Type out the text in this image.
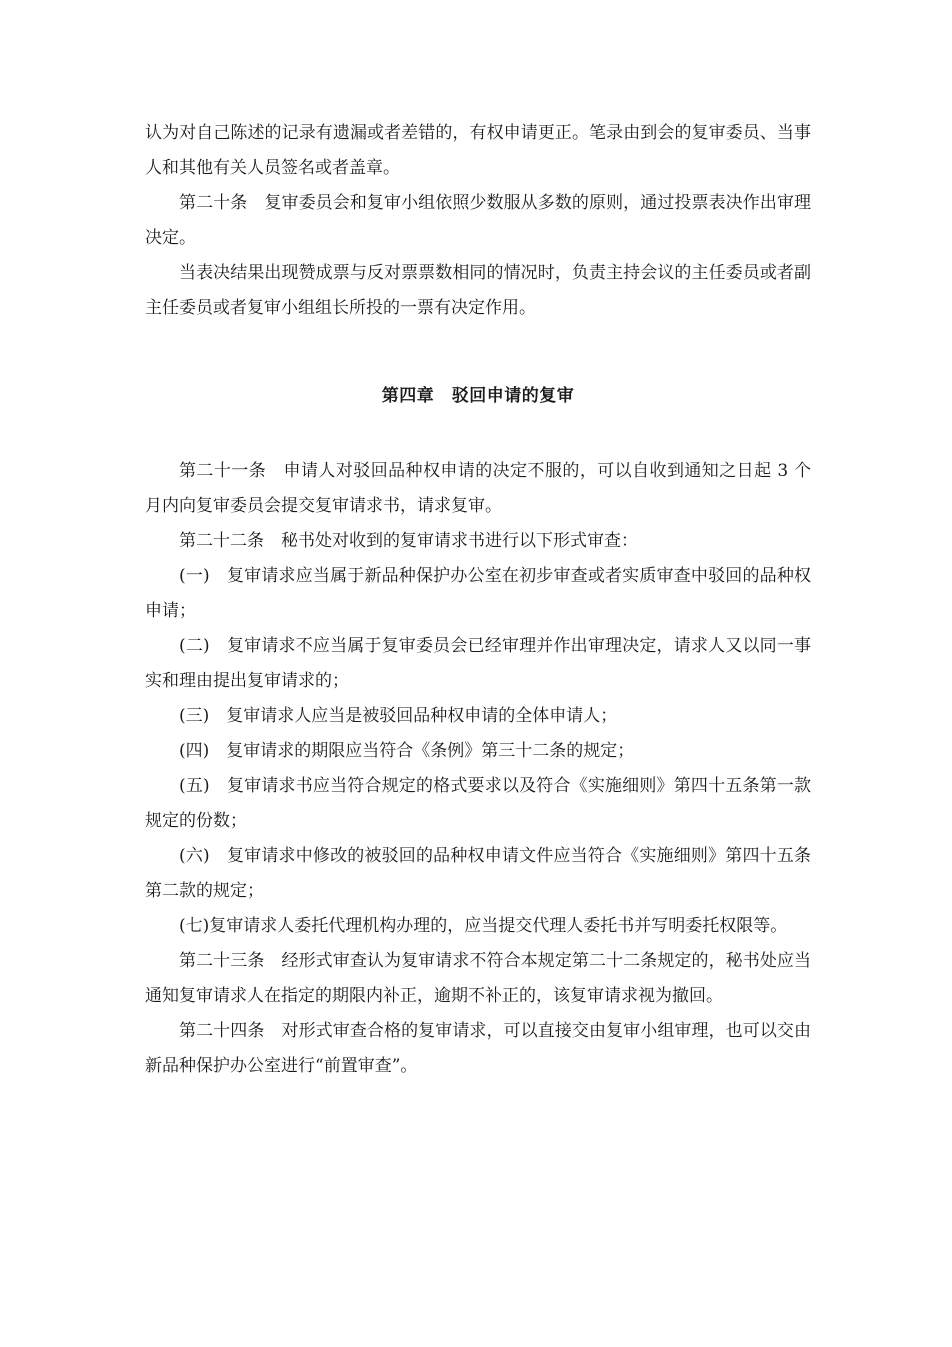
认为对自己陈述的记录有遗漏或者差错的，有权申请更正。笔录由到会的复审委员、当事人和其他有关人员签名或者盖章。

第二十条　复审委员会和复审小组依照少数服从多数的原则，通过投票表决作出审理决定。

当表决结果出现赞成票与反对票票数相同的情况时，负责主持会议的主任委员或者副主任委员或者复审小组组长所投的一票有决定作用。

第四章　驳回申请的复审

第二十一条　申请人对驳回品种权申请的决定不服的，可以自收到通知之日起 3 个月内向复审委员会提交复审请求书，请求复审。

第二十二条　秘书处对收到的复审请求书进行以下形式审查：

(一)　复审请求应当属于新品种保护办公室在初步审查或者实质审查中驳回的品种权申请；

(二)　复审请求不应当属于复审委员会已经审理并作出审理决定，请求人又以同一事实和理由提出复审请求的；

(三)　复审请求人应当是被驳回品种权申请的全体申请人；

(四)　复审请求的期限应当符合《条例》第三十二条的规定；

(五)　复审请求书应当符合规定的格式要求以及符合《实施细则》第四十五条第一款规定的份数；

(六)　复审请求中修改的被驳回的品种权申请文件应当符合《实施细则》第四十五条第二款的规定；

(七)复审请求人委托代理机构办理的，应当提交代理人委托书并写明委托权限等。

第二十三条　经形式审查认为复审请求不符合本规定第二十二条规定的，秘书处应当通知复审请求人在指定的期限内补正，逾期不补正的，该复审请求视为撤回。

第二十四条　对形式审查合格的复审请求，可以直接交由复审小组审理，也可以交由新品种保护办公室进行“前置审查”。
